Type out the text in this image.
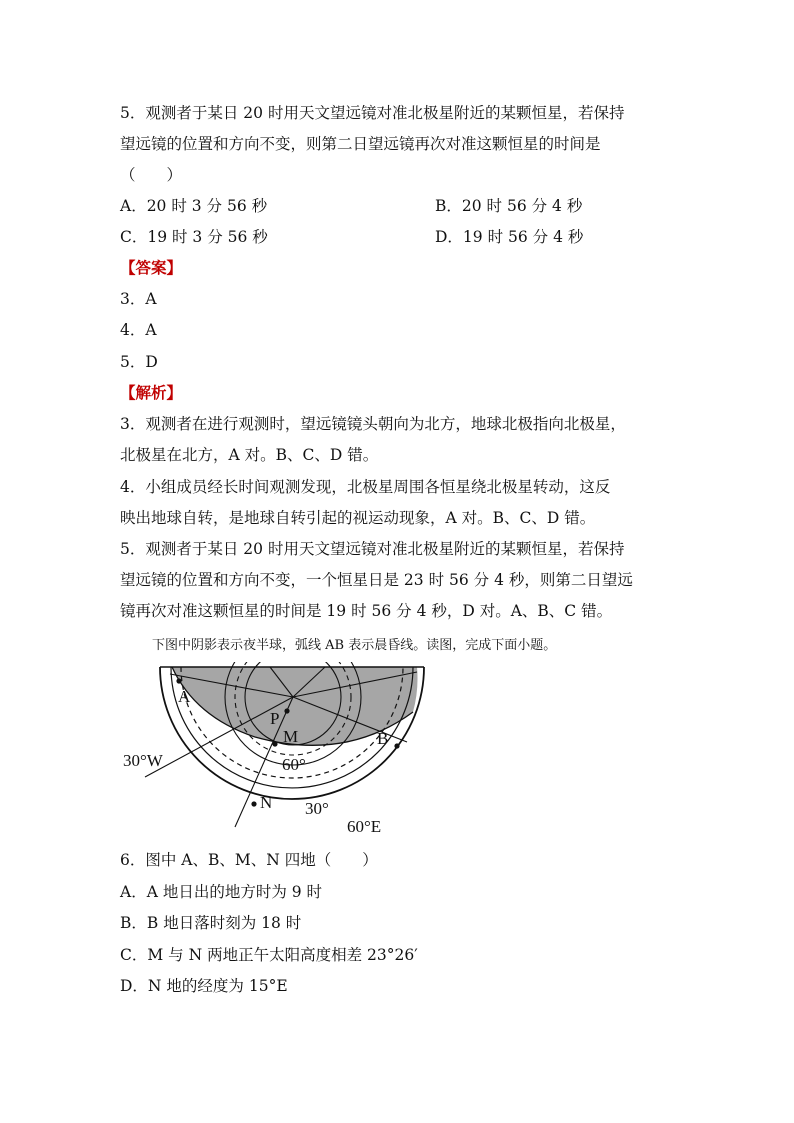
5．观测者于某日 20 时用天文望远镜对准北极星附近的某颗恒星，若保持
望远镜的位置和方向不变，则第二日望远镜再次对准这颗恒星的时间是
（　　）
A．20 时 3 分 56 秒	B．20 时 56 分 4 秒
C．19 时 3 分 56 秒	D．19 时 56 分 4 秒
【答案】
3．A
4．A
5．D
【解析】
3．观测者在进行观测时，望远镜镜头朝向为北方，地球北极指向北极星，
北极星在北方，A 对。B、C、D 错。
4．小组成员经长时间观测发现，北极星周围各恒星绕北极星转动，这反
映出地球自转，是地球自转引起的视运动现象，A 对。B、C、D 错。
5．观测者于某日 20 时用天文望远镜对准北极星附近的某颗恒星，若保持
望远镜的位置和方向不变，一个恒星日是 23 时 56 分 4 秒，则第二日望远
镜再次对准这颗恒星的时间是 19 时 56 分 4 秒，D 对。A、B、C 错。
下图中阴影表示夜半球，弧线 AB 表示晨昏线。读图，完成下面小题。
A
P
M	B
N
30°W	60°
30°
60°E
6．图中 A、B、M、N 四地（　　）
A．A 地日出的地方时为 9 时
B．B 地日落时刻为 18 时
C．M 与 N 两地正午太阳高度相差 23°26′
D．N 地的经度为 15°E
